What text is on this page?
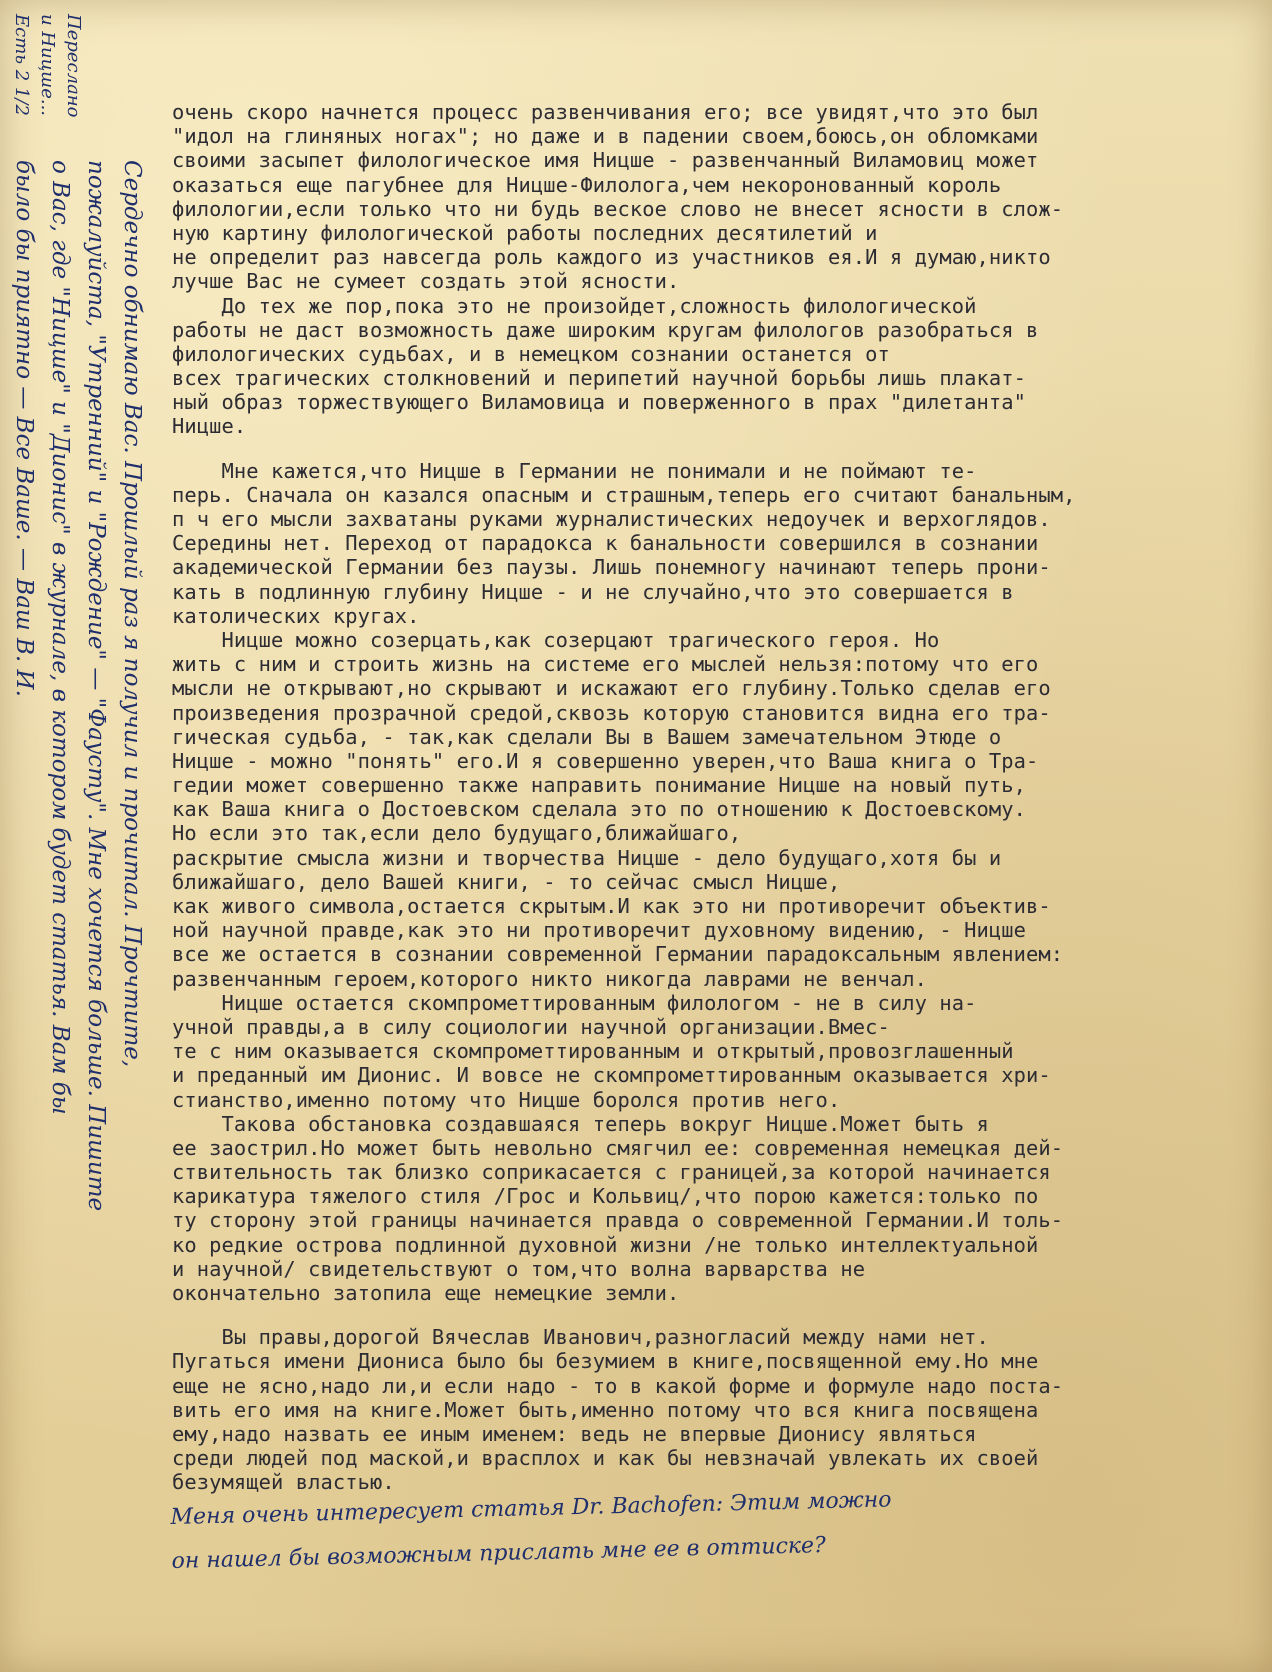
Переслано
и Ницше...
Есть 2 1/2
Сердечно обнимаю Вас. Прошлый раз я получил и прочитал. Прочтите,
пожалуйста, "Утренний" и "Рождение" — "Фаусту". Мне хочется больше. Пишите
о Вас, где "Ницше" и "Дионис" в журнале, в котором будет статья. Вам бы
было бы приятно — Все Ваше. — Ваш В. И.
очень скоро начнется процесс развенчивания его; все увидят,что это был
"идол на глиняных ногах"; но даже и в падении своем,боюсь,он обломками
своими засыпет филологическое имя Ницше - развенчанный Виламовиц может
оказаться еще пагубнее для Ницше-Филолога,чем некоронованный король
филологии,если только что ни будь веское слово не внесет ясности в слож-
ную картину филологической работы последних десятилетий и
не определит раз навсегда роль каждого из участников ея.И я думаю,никто
лучше Вас не сумеет создать этой ясности.
До тех же пор,пока это не произойдет,сложность филологической
работы не даст возможность даже широким кругам филологов разобраться в
филологических судьбах, и в немецком сознании останется от
всех трагических столкновений и перипетий научной борьбы лишь плакат-
ный образ торжествующего Виламовица и поверженного в прах "дилетанта"
Ницше.
Мне кажется,что Ницше в Германии не понимали и не поймают те-
перь. Сначала он казался опасным и страшным,теперь его считают банальным,
п ч его мысли захватаны руками журналистических недоучек и верхоглядов.
Середины нет. Переход от парадокса к банальности совершился в сознании
академической Германии без паузы. Лишь понемногу начинают теперь прони-
кать в подлинную глубину Ницше - и не случайно,что это совершается в
католических кругах.
Ницше можно созерцать,как созерцают трагического героя. Но
жить с ним и строить жизнь на системе его мыслей нельзя:потому что его
мысли не открывают,но скрывают и искажают его глубину.Только сделав его
произведения прозрачной средой,сквозь которую становится видна его тра-
гическая судьба, - так,как сделали Вы в Вашем замечательном Этюде о
Ницше - можно "понять" его.И я совершенно уверен,что Ваша книга о Тра-
гедии может совершенно также направить понимание Ницше на новый путь,
как Ваша книга о Достоевском сделала это по отношению к Достоевскому.
Но если это так,если дело будущаго,ближайшаго,
раскрытие смысла жизни и творчества Ницше - дело будущаго,хотя бы и
ближайшаго, дело Вашей книги, - то сейчас смысл Ницше,
как живого символа,остается скрытым.И как это ни противоречит объектив-
ной научной правде,как это ни противоречит духовному видению, - Ницше
все же остается в сознании современной Германии парадоксальным явлением:
развенчанным героем,которого никто никогда лаврами не венчал.
Ницше остается скомпрометтированным филологом - не в силу на-
учной правды,а в силу социологии научной организации.Вмес-
те с ним оказывается скомпрометтированным и открытый,провозглашенный
и преданный им Дионис. И вовсе не скомпрометтированным оказывается хри-
стианство,именно потому что Ницше боролся против него.
Такова обстановка создавшаяся теперь вокруг Ницше.Может быть я
ее заострил.Но может быть невольно смягчил ее: современная немецкая дей-
ствительность так близко соприкасается с границей,за которой начинается
карикатура тяжелого стиля /Грос и Кольвиц/,что порою кажется:только по
ту сторону этой границы начинается правда о современной Германии.И толь-
ко редкие острова подлинной духовной жизни /не только интеллектуальной
и научной/ свидетельствуют о том,что волна варварства не
окончательно затопила еще немецкие земли.
Вы правы,дорогой Вячеслав Иванович,разногласий между нами нет.
Пугаться имени Диониса было бы безумием в книге,посвященной ему.Но мне
еще не ясно,надо ли,и если надо - то в какой форме и формуле надо поста-
вить его имя на книге.Может быть,именно потому что вся книга посвящена
ему,надо назвать ее иным именем: ведь не впервые Дионису являться
среди людей под маской,и врасплох и как бы невзначай увлекать их своей
безумящей властью.
Меня очень интересует статья Dr. Bachofen: Этим можно
он нашел бы возможным прислать мне ее в оттиске?
